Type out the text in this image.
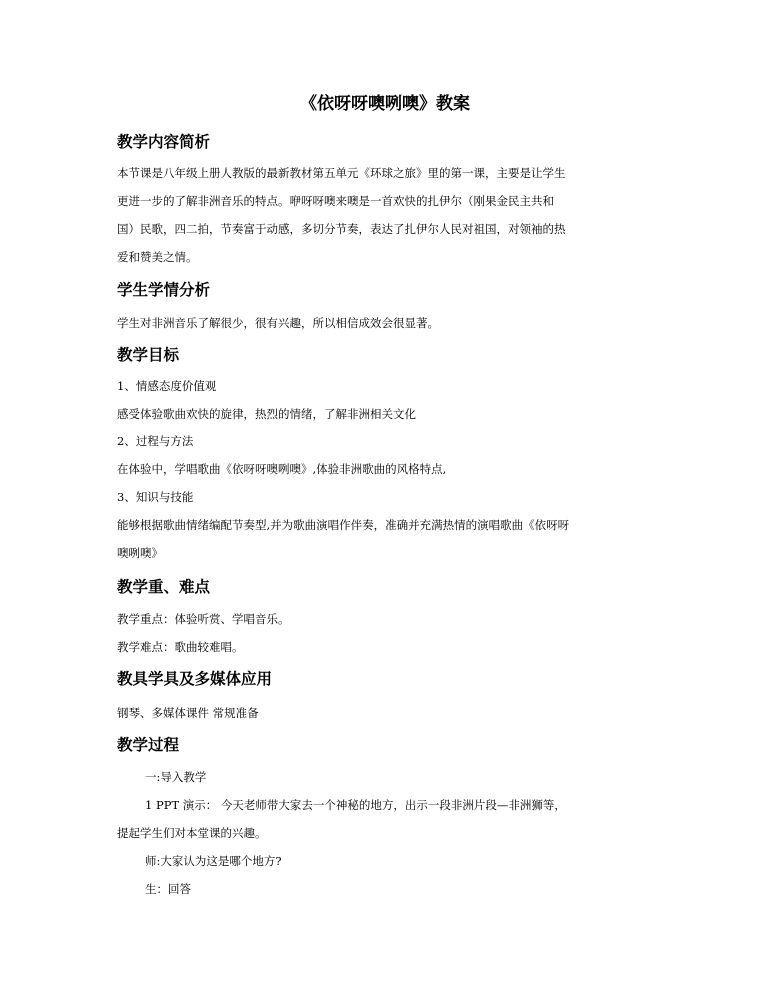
《依呀呀噢咧噢》教案
教学内容简析
本节课是八年级上册人教版的最新教材第五单元《环球之旅》里的第一课，主要是让学生
更进一步的了解非洲音乐的特点。咿呀呀噢来噢是一首欢快的扎伊尔（刚果金民主共和
国）民歌，四二拍，节奏富于动感，多切分节奏，表达了扎伊尔人民对祖国，对领袖的热
爱和赞美之情。
学生学情分析
学生对非洲音乐了解很少，很有兴趣，所以相信成效会很显著。
教学目标
1、情感态度价值观
感受体验歌曲欢快的旋律，热烈的情绪，了解非洲相关文化
2、过程与方法
在体验中，学唱歌曲《依呀呀噢咧噢》,体验非洲歌曲的风格特点,
3、知识与技能
能够根据歌曲情绪编配节奏型,并为歌曲演唱作伴奏，准确并充满热情的演唱歌曲《依呀呀
噢咧噢》
教学重、难点
教学重点：体验听赏、学唱音乐。
教学难点：歌曲较难唱。
教具学具及多媒体应用
钢琴、多媒体课件 常规准备
教学过程
一:导入教学
1 PPT 演示： 今天老师带大家去一个神秘的地方，出示一段非洲片段—非洲狮等，
提起学生们对本堂课的兴趣。
师:大家认为这是哪个地方?
生：回答
